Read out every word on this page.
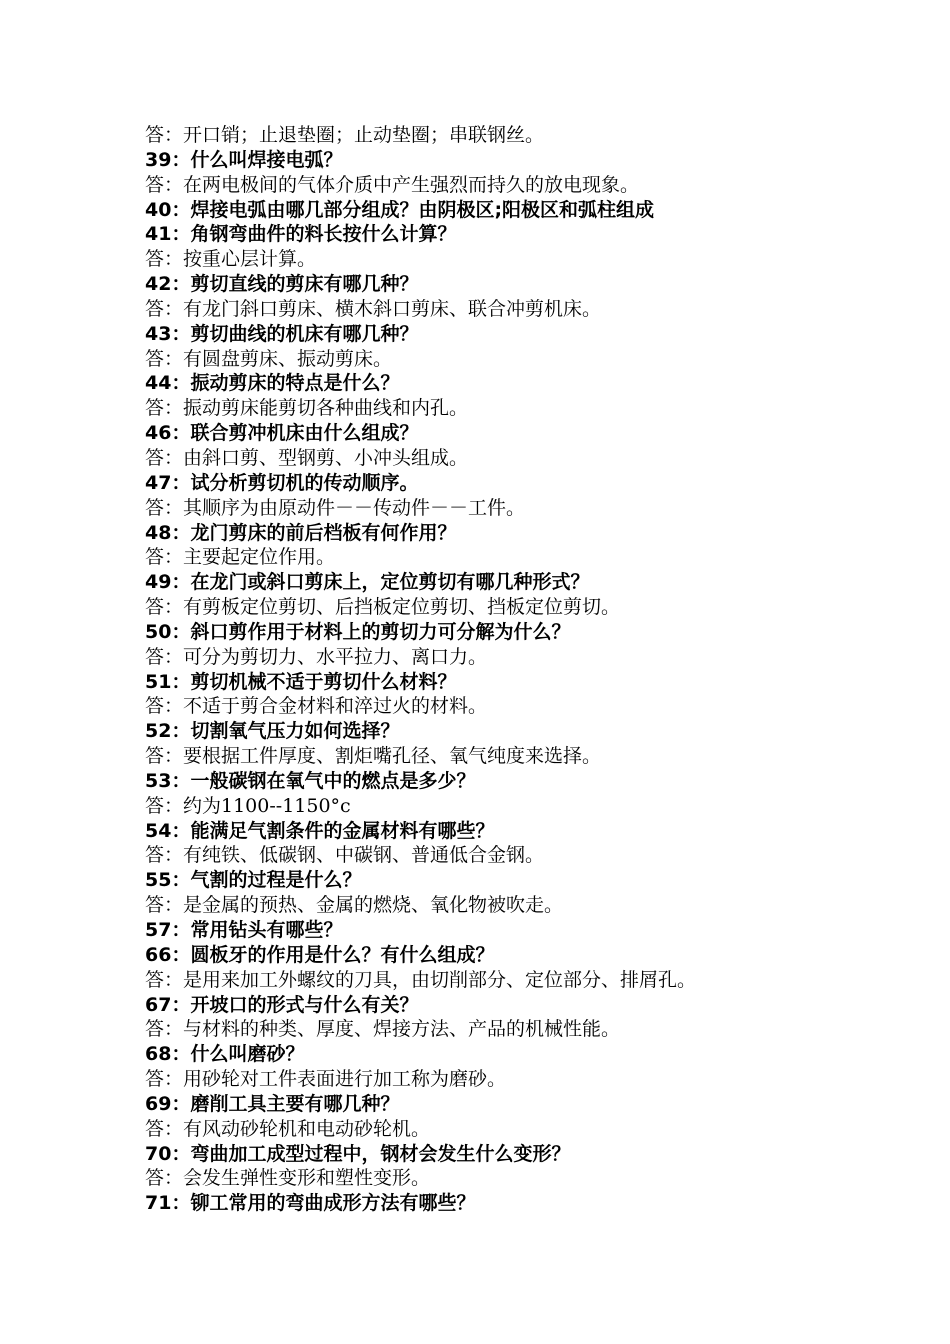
答：开口销；止退垫圈；止动垫圈；串联钢丝。
39：什么叫焊接电弧？
答：在两电极间的气体介质中产生强烈而持久的放电现象。
40：焊接电弧由哪几部分组成？由阴极区;阳极区和弧柱组成
41：角钢弯曲件的料长按什么计算？
答：按重心层计算。
42：剪切直线的剪床有哪几种？
答：有龙门斜口剪床、横木斜口剪床、联合冲剪机床。
43：剪切曲线的机床有哪几种？
答：有圆盘剪床、振动剪床。
44：振动剪床的特点是什么？
答：振动剪床能剪切各种曲线和内孔。
46：联合剪冲机床由什么组成？
答：由斜口剪、型钢剪、小冲头组成。
47：试分析剪切机的传动顺序。
答：其顺序为由原动件－－传动件－－工件。
48：龙门剪床的前后档板有何作用？
答：主要起定位作用。
49：在龙门或斜口剪床上，定位剪切有哪几种形式？
答：有剪板定位剪切、后挡板定位剪切、挡板定位剪切。
50：斜口剪作用于材料上的剪切力可分解为什么？
答：可分为剪切力、水平拉力、离口力。
51：剪切机械不适于剪切什么材料？
答：不适于剪合金材料和淬过火的材料。
52：切割氧气压力如何选择？
答：要根据工件厚度、割炬嘴孔径、氧气纯度来选择。
53：一般碳钢在氧气中的燃点是多少？
答：约为1100--1150°c
54：能满足气割条件的金属材料有哪些？
答：有纯铁、低碳钢、中碳钢、普通低合金钢。
55：气割的过程是什么？
答：是金属的预热、金属的燃烧、氧化物被吹走。
57：常用钻头有哪些？
66：圆板牙的作用是什么？有什么组成？
答：是用来加工外螺纹的刀具，由切削部分、定位部分、排屑孔。
67：开坡口的形式与什么有关？
答：与材料的种类、厚度、焊接方法、产品的机械性能。
68：什么叫磨砂？
答：用砂轮对工件表面进行加工称为磨砂。
69：磨削工具主要有哪几种？
答：有风动砂轮机和电动砂轮机。
70：弯曲加工成型过程中，钢材会发生什么变形？
答：会发生弹性变形和塑性变形。
71：铆工常用的弯曲成形方法有哪些？
